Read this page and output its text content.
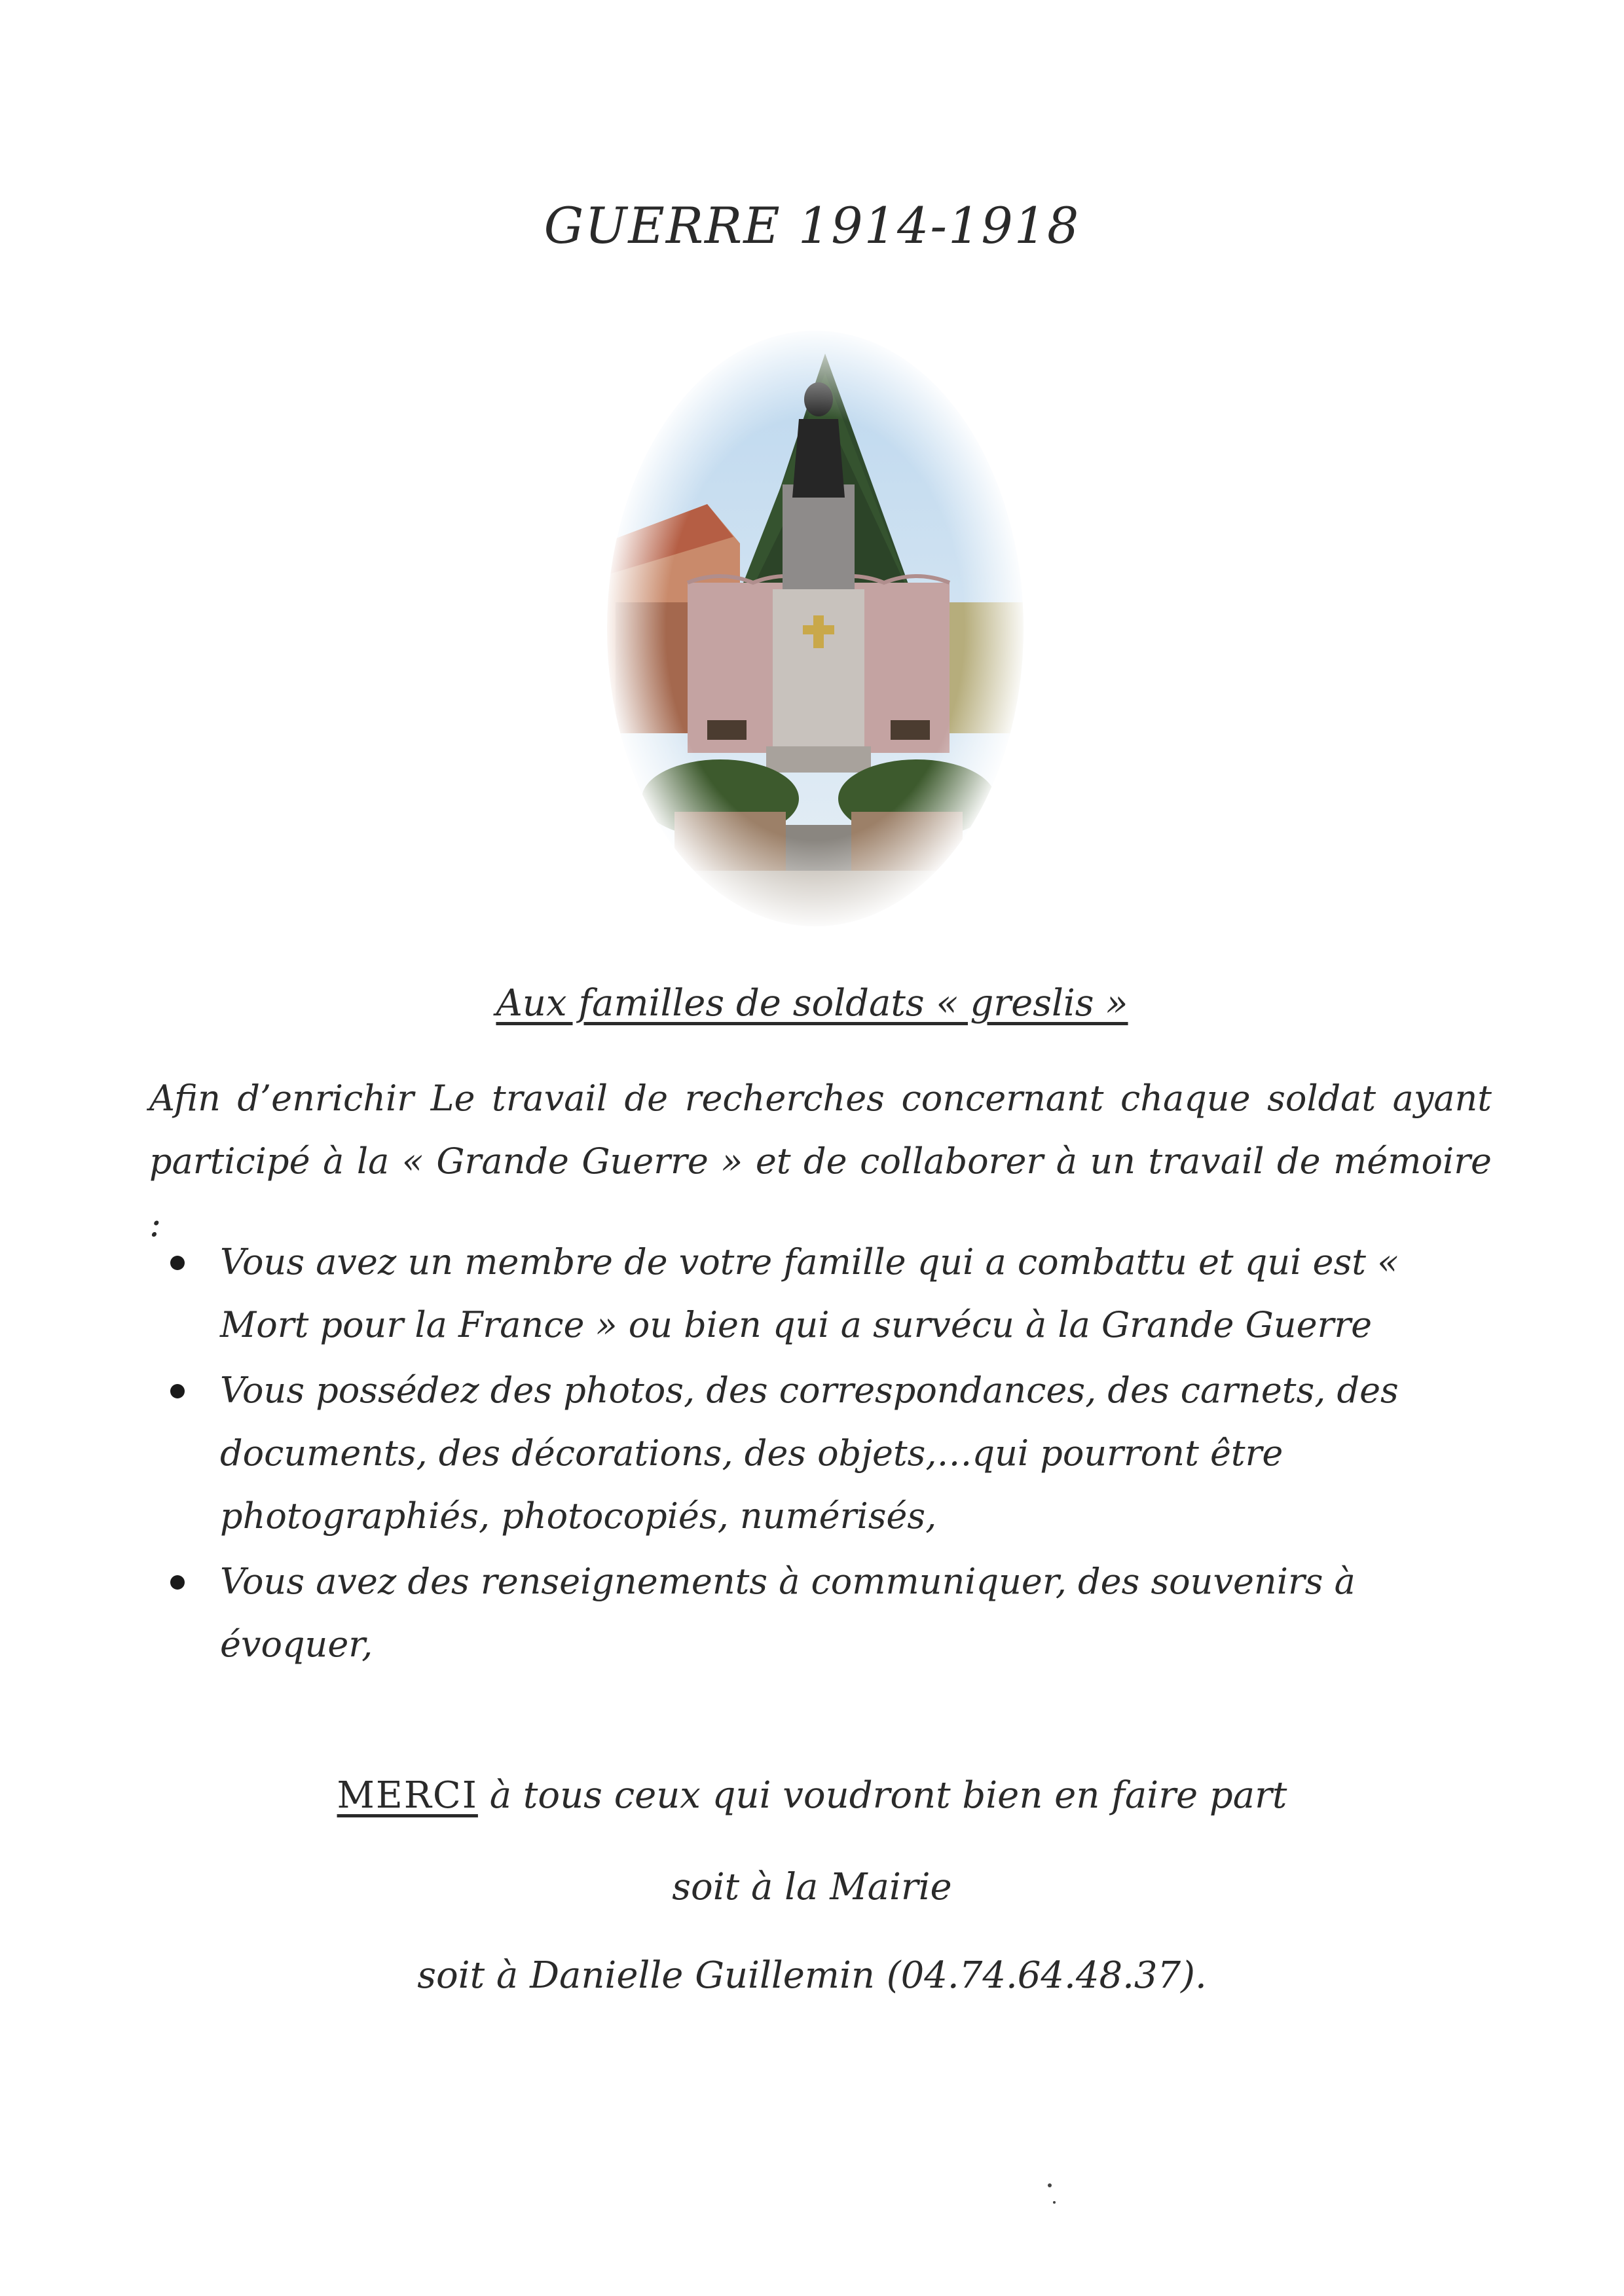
GUERRE 1914-1918
Aux familles de soldats « greslis »
Afin d’enrichir Le travail de recherches concernant chaque soldat ayant participé à la « Grande Guerre » et de collaborer à un travail de mémoire :
Vous avez un membre de votre famille qui a combattu et qui est « Mort pour la France » ou bien qui a survécu à la Grande Guerre
Vous possédez des photos, des correspondances, des carnets, des documents, des décorations, des objets,…qui pourront être photographiés, photocopiés, numérisés,
Vous avez des renseignements à communiquer, des souvenirs à évoquer,
MERCI à tous ceux qui voudront bien en faire part
soit à la Mairie
soit à Danielle Guillemin (04.74.64.48.37).
